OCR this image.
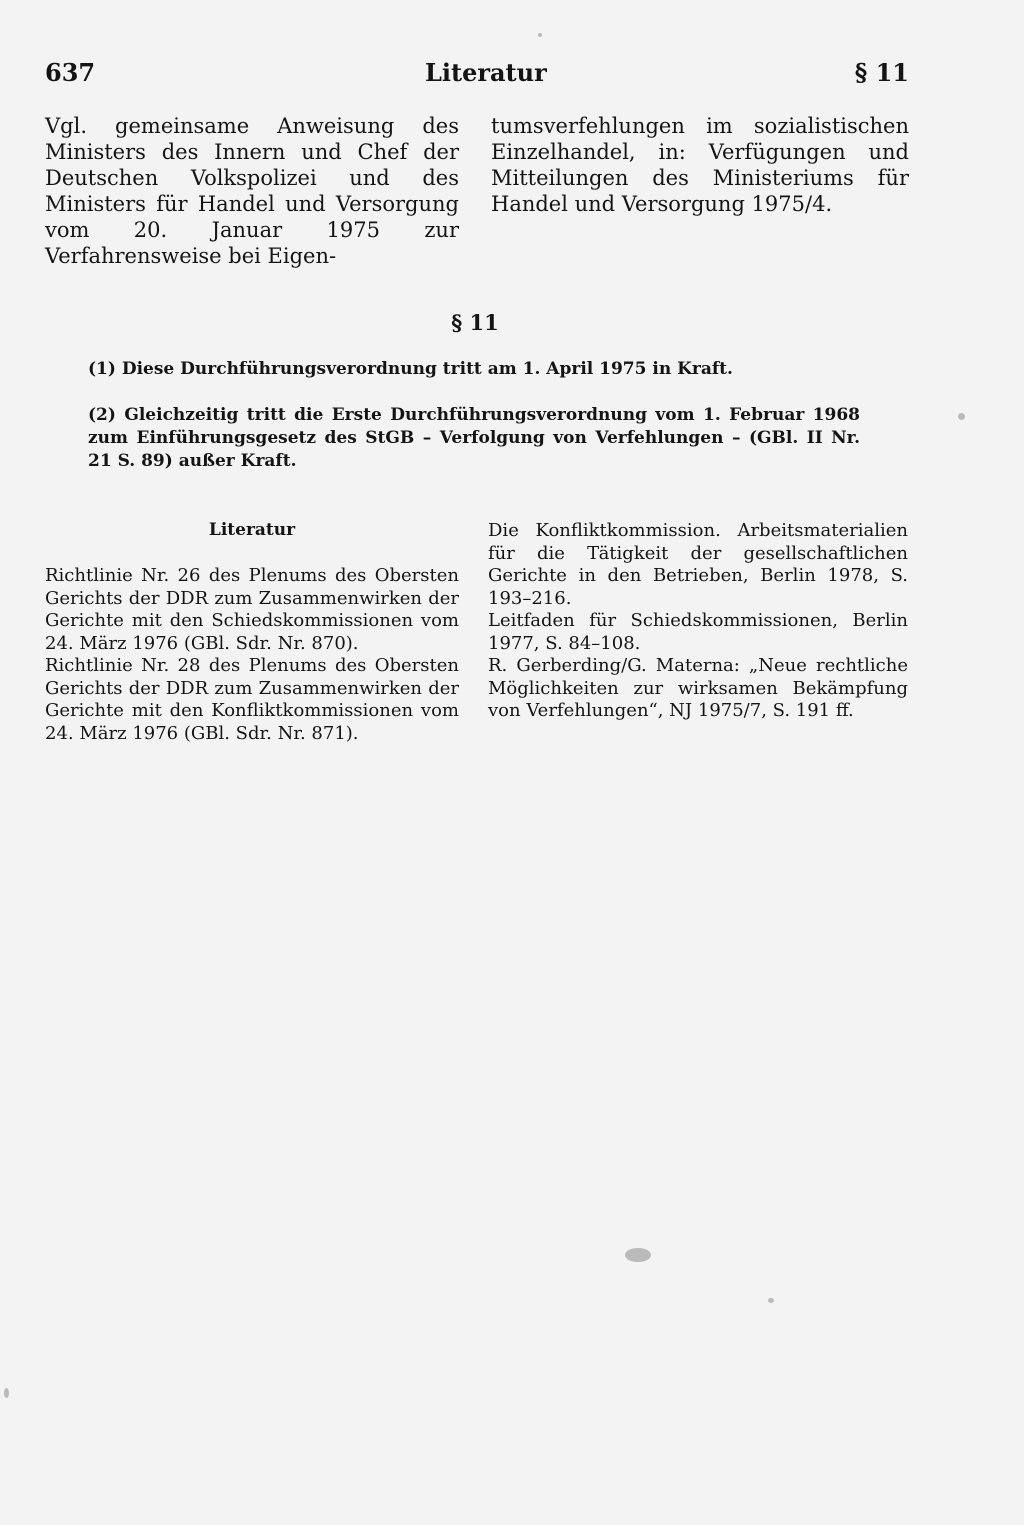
637	Literatur	§ 11

Vgl. gemeinsame Anweisung des Ministers des Innern und Chef der Deutschen Volkspolizei und des Ministers für Handel und Versorgung vom 20. Januar 1975 zur Verfahrensweise bei Eigen-

tumsverfehlungen im sozialistischen Einzelhandel, in: Verfügungen und Mitteilungen des Ministeriums für Handel und Versorgung 1975/4.

§ 11
(1) Diese Durchführungsverordnung tritt am 1. April 1975 in Kraft.
(2) Gleichzeitig tritt die Erste Durchführungsverordnung vom 1. Februar 1968 zum Einführungsgesetz des StGB – Verfolgung von Verfehlungen – (GBl. II Nr. 21 S. 89) außer Kraft.
Literatur

Richtlinie Nr. 26 des Plenums des Obersten Gerichts der DDR zum Zusammenwirken der Gerichte mit den Schiedskommissionen vom 24. März 1976 (GBl. Sdr. Nr. 870).

Richtlinie Nr. 28 des Plenums des Obersten Gerichts der DDR zum Zusammenwirken der Gerichte mit den Konfliktkommissionen vom 24. März 1976 (GBl. Sdr. Nr. 871).

Die Konfliktkommission. Arbeitsmaterialien für die Tätigkeit der gesellschaftlichen Gerichte in den Betrieben, Berlin 1978, S. 193–216.

Leitfaden für Schiedskommissionen, Berlin 1977, S. 84–108.

R. Gerberding/G. Materna: „Neue rechtliche Möglichkeiten zur wirksamen Bekämpfung von Verfehlungen“, NJ 1975/7, S. 191 ff.
